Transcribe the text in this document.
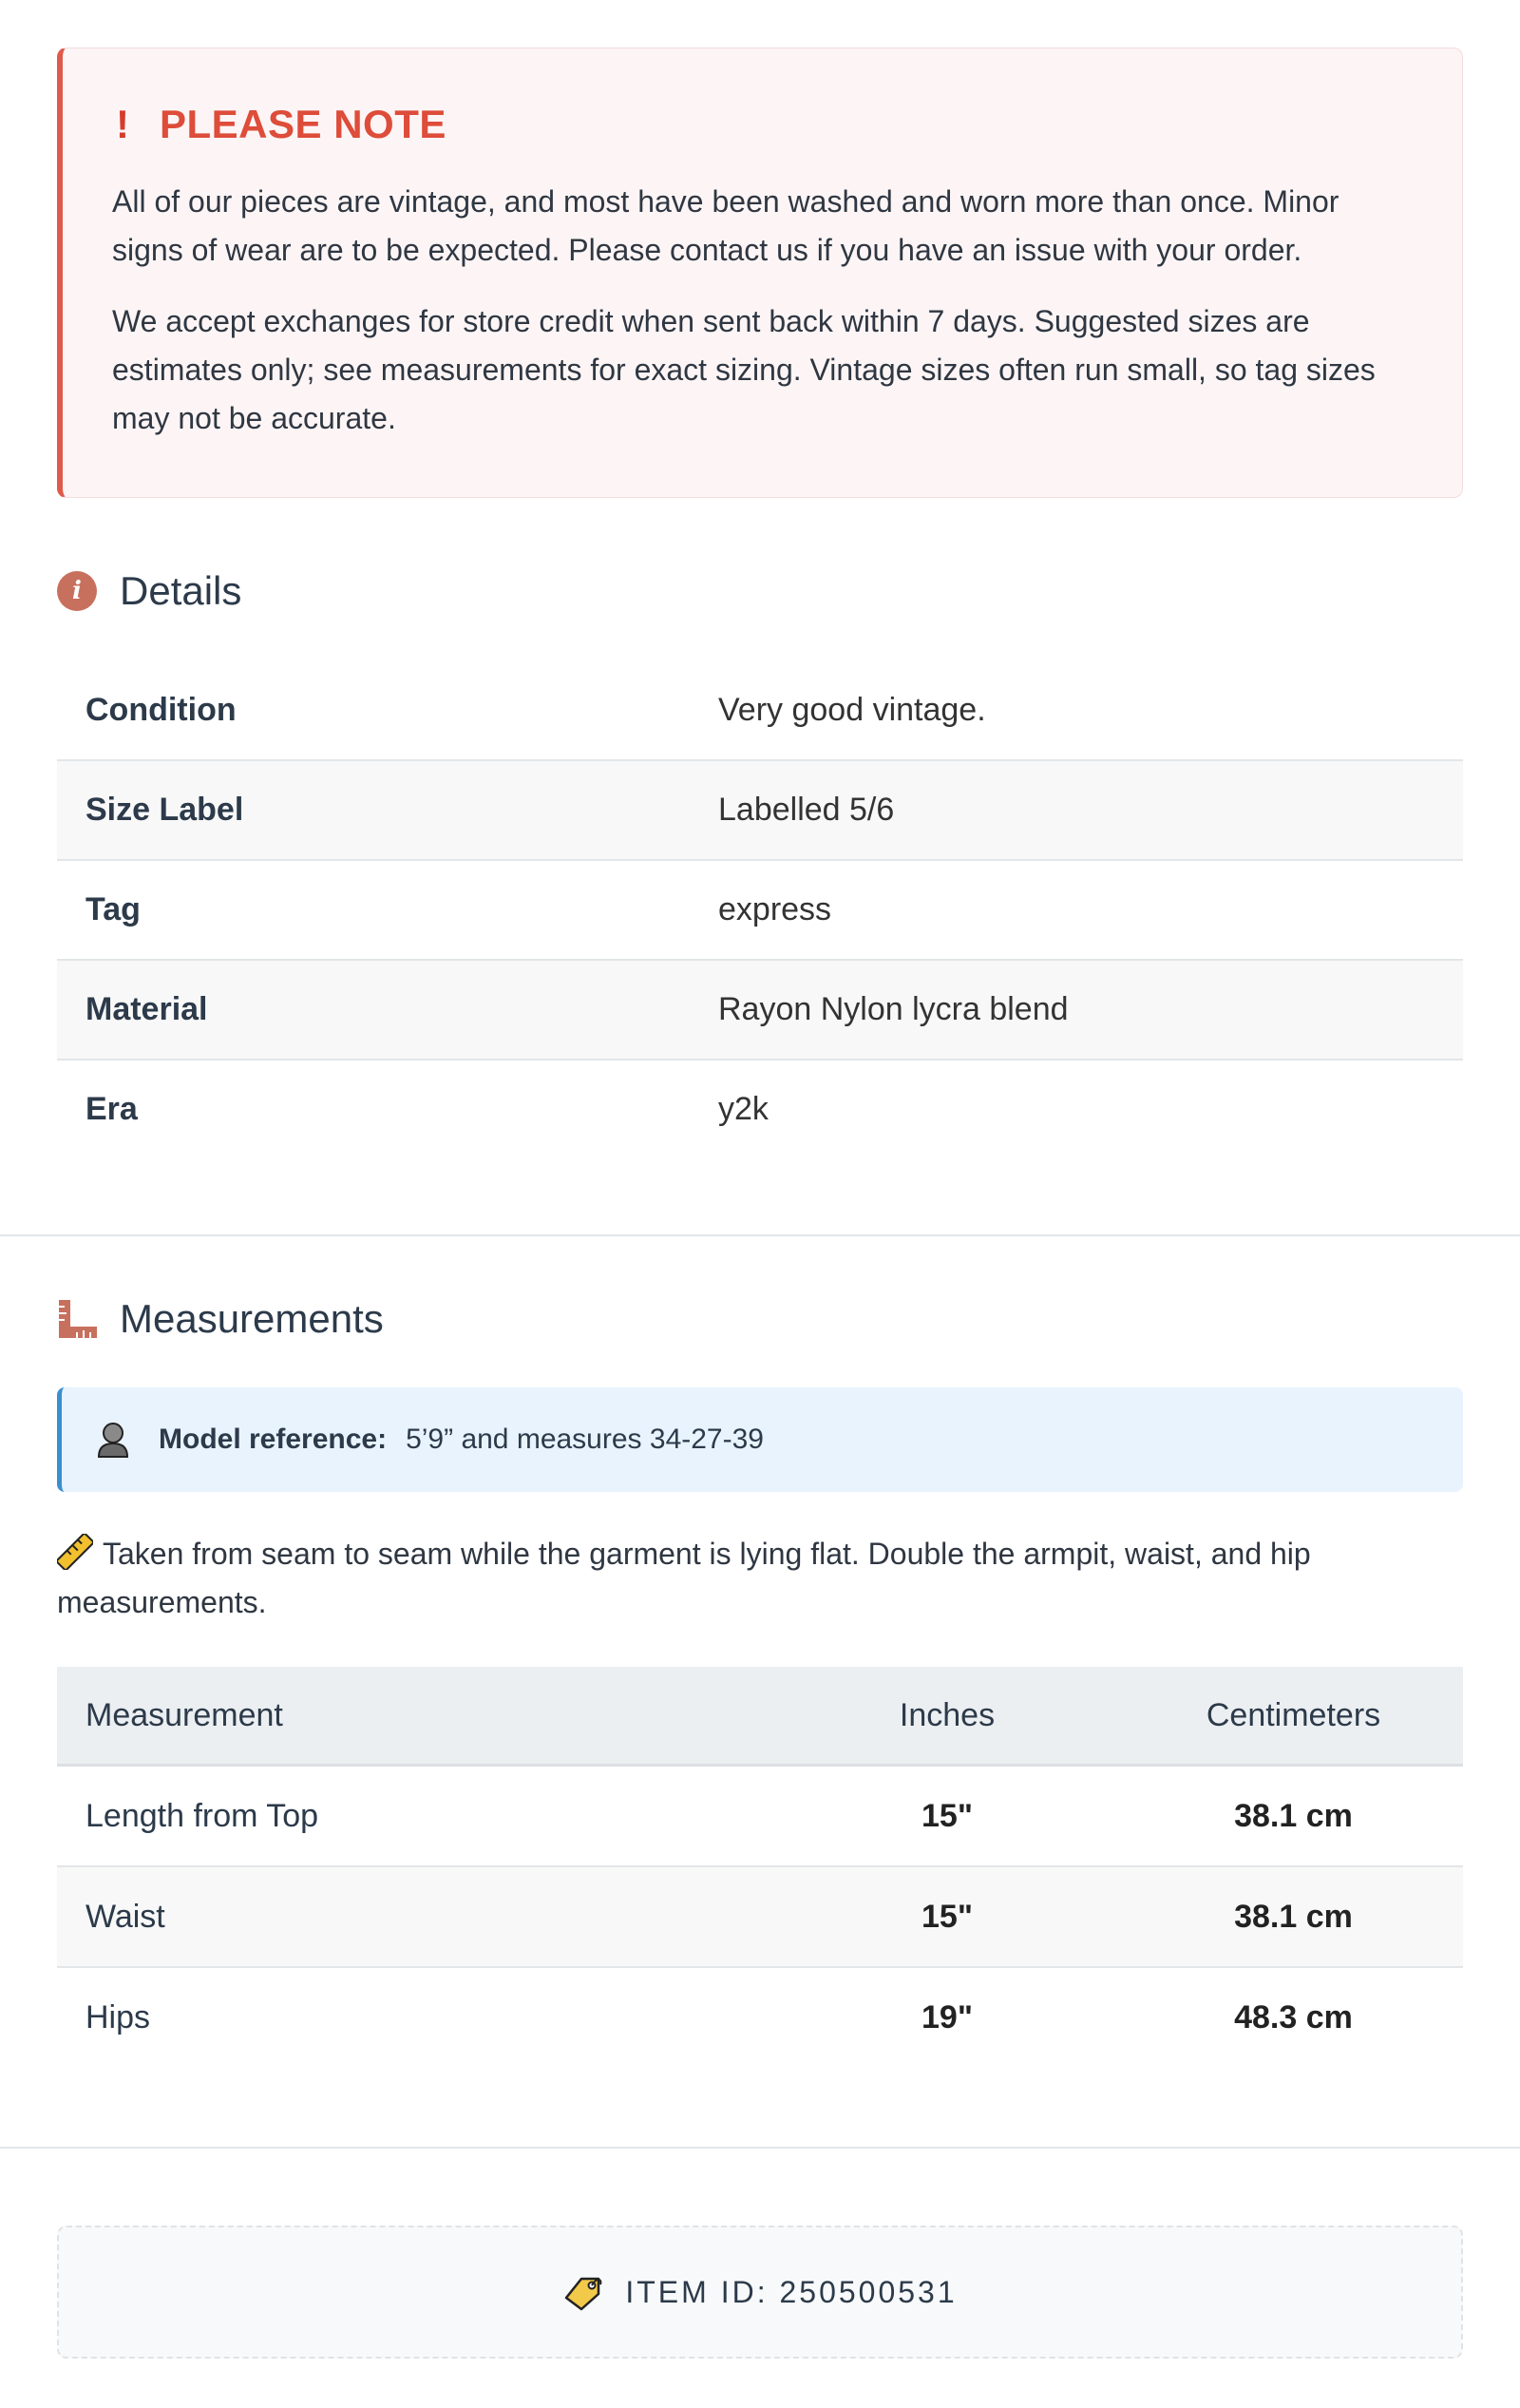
! PLEASE NOTE

All of our pieces are vintage, and most have been washed and worn more than once. Minor signs of wear are to be expected. Please contact us if you have an issue with your order.

We accept exchanges for store credit when sent back within 7 days. Suggested sizes are estimates only; see measurements for exact sizing. Vintage sizes often run small, so tag sizes may not be accurate.

i Details
Condition	Very good vintage.
Size Label	Labelled 5/6
Tag	express
Material	Rayon Nylon lycra blend
Era	y2k
Measurements
Model reference: 5’9” and measures 34-27-39
Taken from seam to seam while the garment is lying flat. Double the armpit, waist, and hip measurements.
Measurement	Inches	Centimeters
Length from Top	15"	38.1 cm
Waist	15"	38.1 cm
Hips	19"	48.3 cm
ITEM ID: 250500531
